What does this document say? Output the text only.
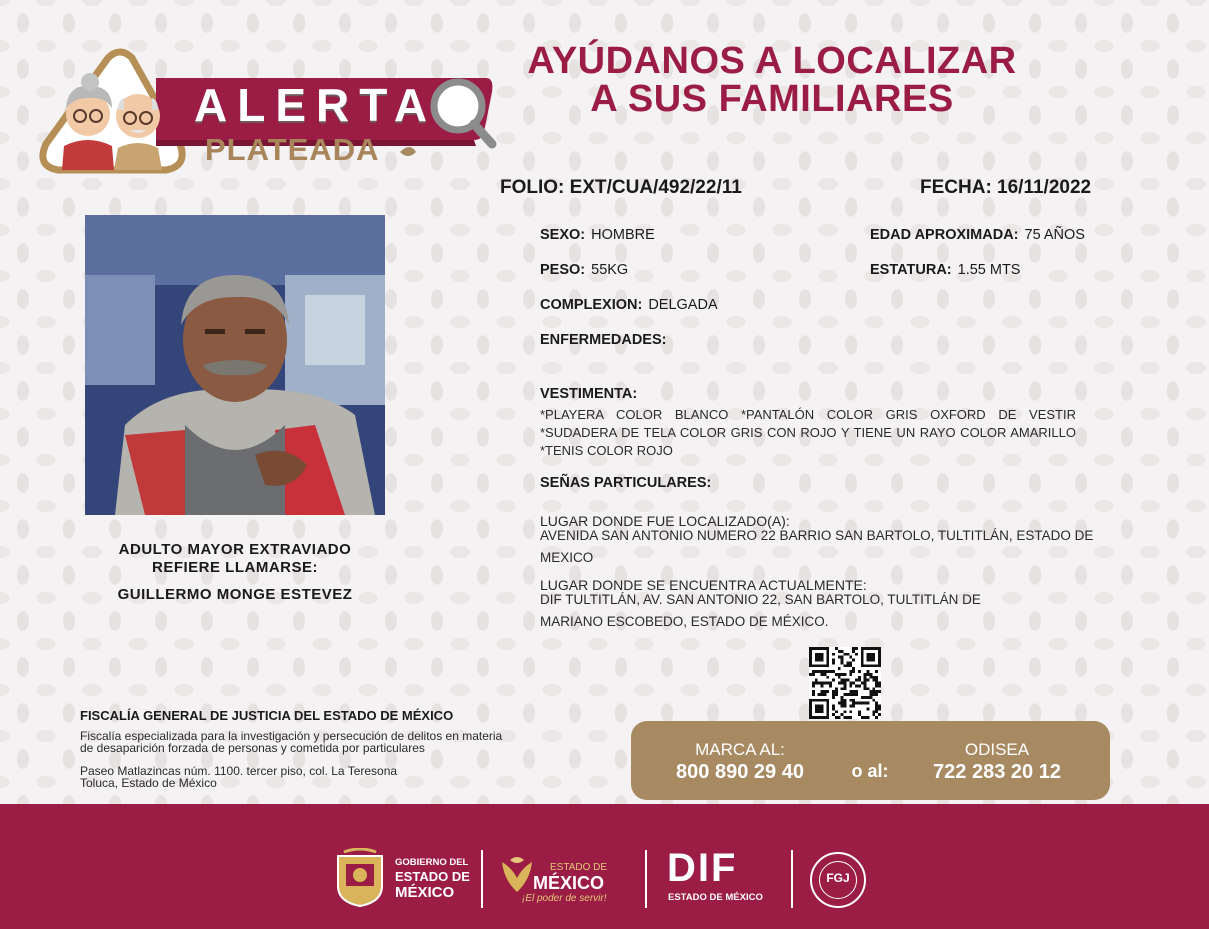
ALERTA
PLATEADA
AYÚDANOS A LOCALIZAR
A SUS FAMILIARES
FOLIO: EXT/CUA/492/22/11	FECHA: 16/11/2022
ADULTO MAYOR EXTRAVIADO
REFIERE LLAMARSE:
GUILLERMO MONGE ESTEVEZ
SEXO: HOMBRE	EDAD APROXIMADA: 75 AÑOS
PESO: 55KG	ESTATURA: 1.55 MTS
COMPLEXION: DELGADA
ENFERMEDADES:
VESTIMENTA:
*PLAYERA COLOR BLANCO *PANTALÓN COLOR GRIS OXFORD DE VESTIR *SUDADERA DE TELA COLOR GRIS CON ROJO Y TIENE UN RAYO COLOR AMARILLO *TENIS COLOR ROJO
SEÑAS PARTICULARES:
LUGAR DONDE FUE LOCALIZADO(A):
AVENIDA SAN ANTONIO NUMERO 22 BARRIO SAN BARTOLO, TULTITLÁN, ESTADO DE
MEXICO
LUGAR DONDE SE ENCUENTRA ACTUALMENTE:
DIF TULTITLÁN, AV. SAN ANTONIO 22, SAN BARTOLO, TULTITLÁN DE
MARIANO ESCOBEDO, ESTADO DE MÉXICO.
FISCALÍA GENERAL DE JUSTICIA DEL ESTADO DE MÉXICO
Fiscalía especializada para la investigación y persecución de delitos en materia
de desaparición forzada de personas y cometida por particulares
Paseo Matlazincas núm. 1100. tercer piso, col. La Teresona
Toluca, Estado de México
MARCA AL:
800 890 29 40	o al:
ODISEA
722 283 20 12
GOBIERNO DEL
ESTADO DE
MÉXICO
ESTADO DE
MÉXICO
¡El poder de servir!
DIF
ESTADO DE MÉXICO
FGJ
